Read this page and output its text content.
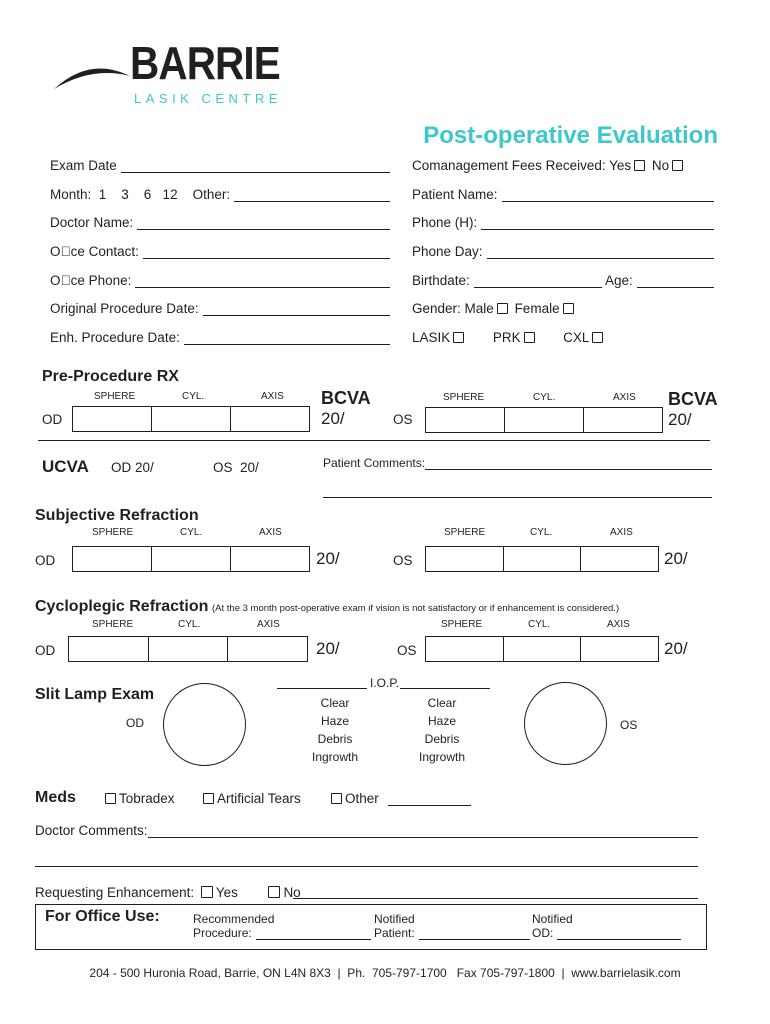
BARRIE
LASIK CENTRE
Post-operative Evaluation
Exam Date
Month:  1    3    6   12    Other:
Doctor Name:
O ce Contact:
O ce Phone:
Original Procedure Date:
Enh. Procedure Date:
Comanagement Fees Received: Yes No
Patient Name:
Phone (H):
Phone Day:
Birthdate:	Age:
Gender: Male Female
LASIK	PRK	CXL
Pre-Procedure RX
SPHERE	CYL.	AXIS BCVA
OD	20/
SPHERE	CYL.	AXIS BCVA
OS	20/
UCVA OD 20/	OS  20/	Patient Comments:
Subjective Refraction
SPHERE	CYL.	AXIS
OD	20/
SPHERE	CYL.	AXIS
OS	20/
Cycloplegic Refraction (At the 3 month post-operative exam if vision is not satisfactory or if enhancement is considered.)
SPHERE	CYL.	AXIS
OD	20/
SPHERE	CYL.	AXIS
OS	20/
Slit Lamp Exam
OD
I.O.P.
Clear
Haze
Debris
Ingrowth
Clear
Haze
Debris
Ingrowth
OS
Meds	Tobradex	Artificial Tears	Other
Doctor Comments:
Requesting Enhancement: Yes	No
For Office Use:	Recommended
Procedure:
Notified
Patient:
Notified
OD:
204 - 500 Huronia Road, Barrie, ON L4N 8X3  |  Ph.  705-797-1700   Fax 705-797-1800  |  www.barrielasik.com
